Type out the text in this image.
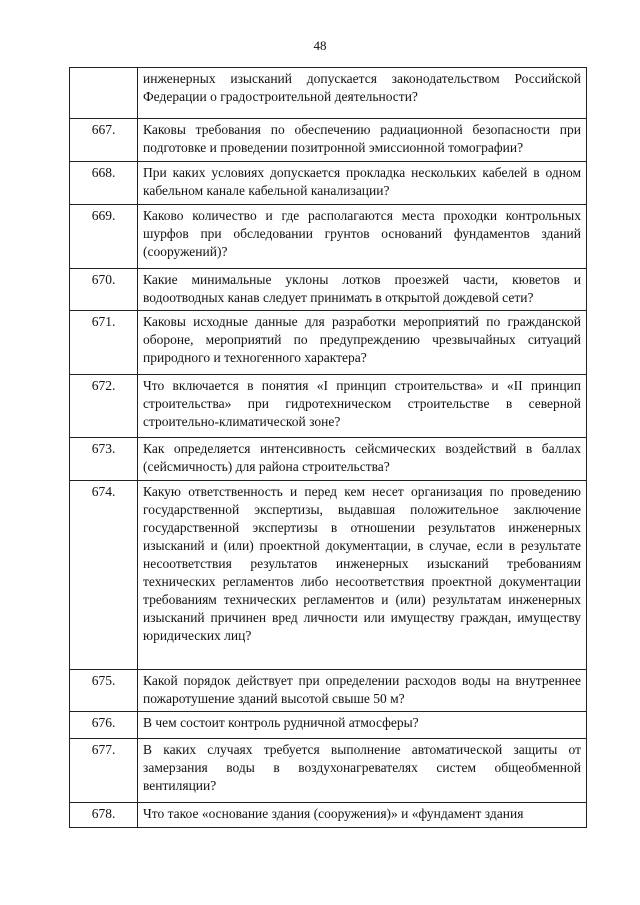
48
	инженерных изысканий допускается законодательством Российской Федерации о градостроительной деятельности?
667.	Каковы требования по обеспечению радиационной безопасности при подготовке и проведении позитронной эмиссионной томографии?
668.	При каких условиях допускается прокладка нескольких кабелей в одном кабельном канале кабельной канализации?
669.	Каково количество и где располагаются места проходки контрольных шурфов при обследовании грунтов оснований фундаментов зданий (сооружений)?
670.	Какие минимальные уклоны лотков проезжей части, кюветов и водоотводных канав следует принимать в открытой дождевой сети?
671.	Каковы исходные данные для разработки мероприятий по гражданской обороне, мероприятий по предупреждению чрезвычайных ситуаций природного и техногенного характера?
672.	Что включается в понятия «I принцип строительства» и «II принцип строительства» при гидротехническом строительстве в северной строительно-климатической зоне?
673.	Как определяется интенсивность сейсмических воздействий в баллах (сейсмичность) для района строительства?
674.	Какую ответственность и перед кем несет организация по проведению государственной экспертизы, выдавшая положительное заключение государственной экспертизы в отношении результатов инженерных изысканий и (или) проектной документации, в случае, если в результате несоответствия результатов инженерных изысканий требованиям технических регламентов либо несоответствия проектной документации требованиям технических регламентов и (или) результатам инженерных изысканий причинен вред личности или имуществу граждан, имуществу юридических лиц?
675.	Какой порядок действует при определении расходов воды на внутреннее пожаротушение зданий высотой свыше 50 м?
676.	В чем состоит контроль рудничной атмосферы?
677.	В каких случаях требуется выполнение автоматической защиты от замерзания воды в воздухонагревателях систем общеобменной вентиляции?
678.	Что такое «основание здания (сооружения)» и «фундамент здания
